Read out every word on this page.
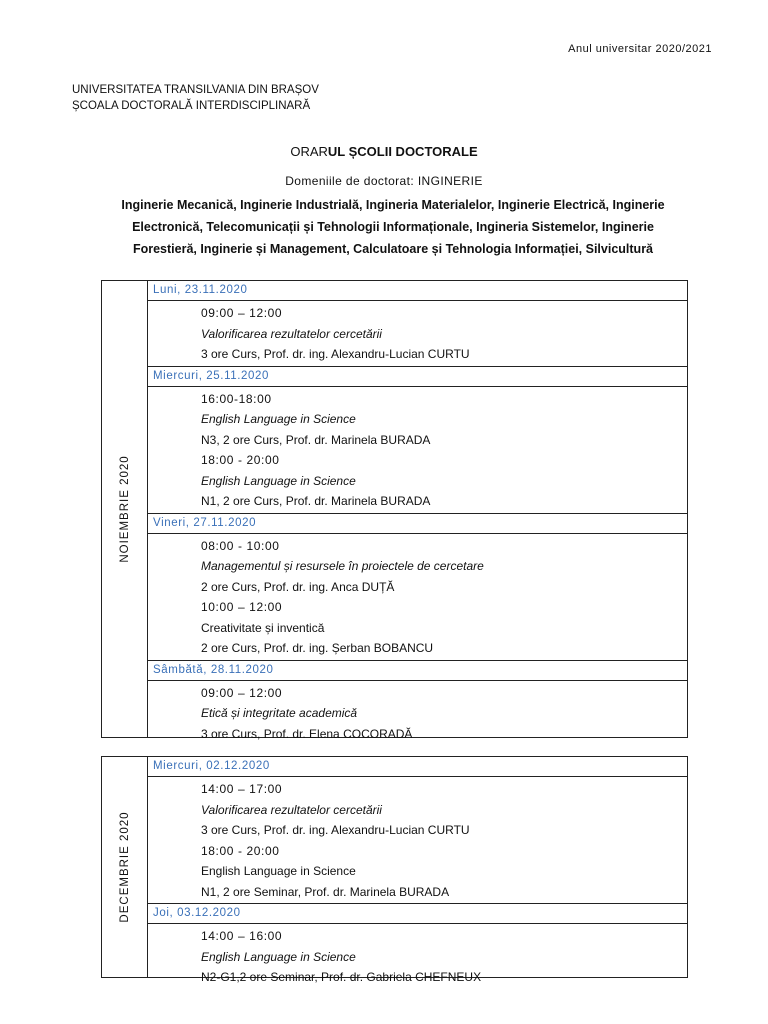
Anul universitar 2020/2021
UNIVERSITATEA TRANSILVANIA DIN BRAȘOV
ȘCOALA DOCTORALĂ INTERDISCIPLINARĂ
ORARUL ȘCOLII DOCTORALE
Domeniile de doctorat: INGINERIE
Inginerie Mecanică, Inginerie Industrială, Ingineria Materialelor, Inginerie Electrică, Inginerie
Electronică, Telecomunicații și Tehnologii Informaționale, Ingineria Sistemelor, Inginerie
Forestieră, Inginerie și Management, Calculatoare și Tehnologia Informației, Silvicultură
NOIEMBRIE 2020
Luni, 23.11.2020
09:00 – 12:00
Valorificarea rezultatelor cercetării
3 ore Curs, Prof. dr. ing. Alexandru-Lucian CURTU
Miercuri, 25.11.2020
16:00-18:00
English Language in Science
N3, 2 ore Curs, Prof. dr. Marinela BURADA
18:00 - 20:00
English Language in Science
N1, 2 ore Curs, Prof. dr. Marinela BURADA
Vineri, 27.11.2020
08:00 - 10:00
Managementul și resursele în proiectele de cercetare
2 ore Curs, Prof. dr. ing. Anca DUȚĂ
10:00 – 12:00
Creativitate și inventică
2 ore Curs, Prof. dr. ing. Șerban BOBANCU
Sâmbătă, 28.11.2020
09:00 – 12:00
Etică și integritate academică
3 ore Curs, Prof. dr. Elena COCORADĂ
DECEMBRIE 2020
Miercuri, 02.12.2020
14:00 – 17:00
Valorificarea rezultatelor cercetării
3 ore Curs, Prof. dr. ing. Alexandru-Lucian CURTU
18:00 - 20:00
English Language in Science
N1, 2 ore Seminar, Prof. dr. Marinela BURADA
Joi, 03.12.2020
14:00 – 16:00
English Language in Science
N2-G1,2 ore Seminar, Prof. dr. Gabriela CHEFNEUX
